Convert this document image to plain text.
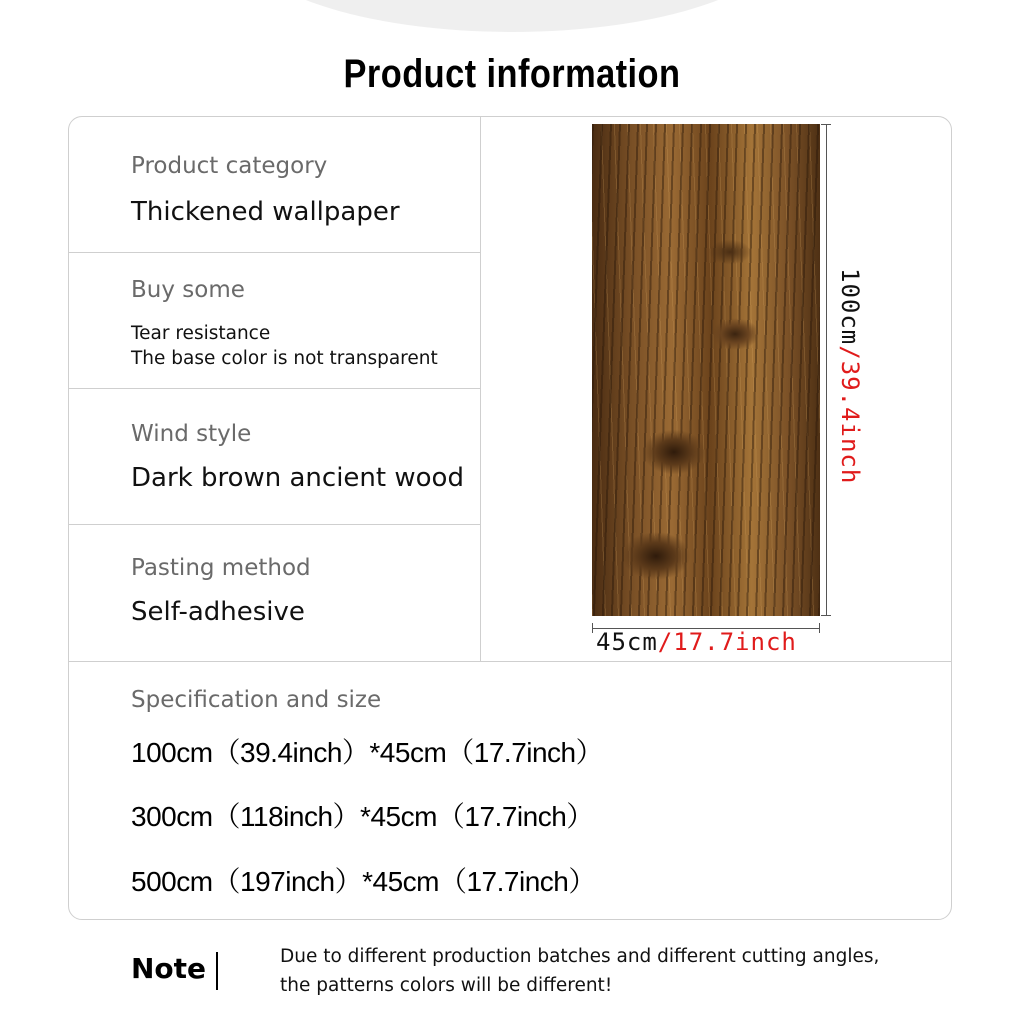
Product information
Product category
Thickened wallpaper
Buy some
Tear resistance
The base color is not transparent
Wind style
Dark brown ancient wood
Pasting method
Self-adhesive
Specification and size
100cm（39.4inch）*45cm（17.7inch）
300cm（118inch）*45cm（17.7inch）
500cm（197inch）*45cm（17.7inch）
100cm/39.4inch
45cm/17.7inch
Note	Due to different production batches and different cutting angles,
the patterns colors will be different!
